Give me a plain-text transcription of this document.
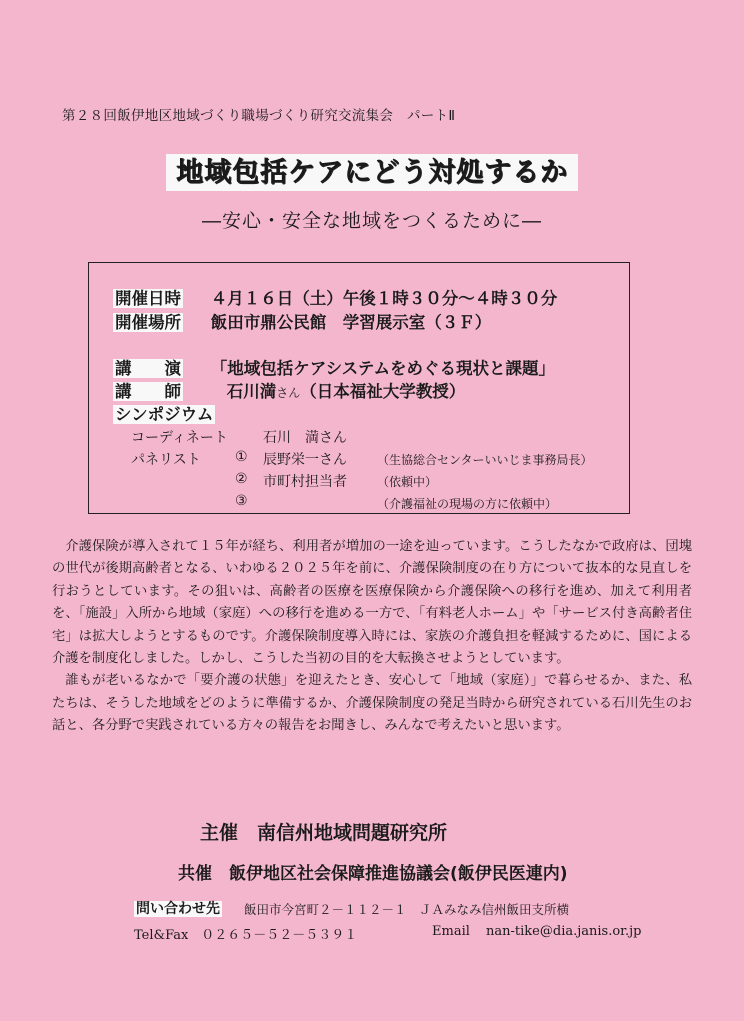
第２８回飯伊地区地域づくり職場づくり研究交流集会　パートⅡ
地域包括ケアにどう対処するか
―安心・安全な地域をつくるために―
開催日時 ４月１６日（土）午後１時３０分～４時３０分
開催場所 飯田市鼎公民館　学習展示室（３Ｆ）
講　　演 「地域包括ケアシステムをめぐる現状と課題」
講　　師	石川満さん（日本福祉大学教授）
シンポジウム
コーディネート	石川　満さん
パネリスト ① 辰野栄一さん	（生協総合センターいいじま事務局長）
② 市町村担当者	（依頼中）
③	（介護福祉の現場の方に依頼中）

介護保険が導入されて１５年が経ち、利用者が増加の一途を辿っています。こうしたなかで政府は、団塊の世代が後期高齢者となる、いわゆる２０２５年を前に、介護保険制度の在り方について抜本的な見直しを行おうとしています。その狙いは、高齢者の医療を医療保険から介護保険への移行を進め、加えて利用者を、「施設」入所から地域（家庭）への移行を進める一方で、「有料老人ホーム」や「サービス付き高齢者住宅」は拡大しようとするものです。介護保険制度導入時には、家族の介護負担を軽減するために、国による介護を制度化しました。しかし、こうした当初の目的を大転換させようとしています。

誰もが老いるなかで「要介護の状態」を迎えたとき、安心して「地域（家庭）」で暮らせるか、また、私たちは、そうした地域をどのように準備するか、介護保険制度の発足当時から研究されている石川先生のお話と、各分野で実践されている方々の報告をお聞きし、みんなで考えたいと思います。

主催　南信州地域問題研究所
共催　飯伊地区社会保障推進協議会(飯伊民医連内)
問い合わせ先 飯田市今宮町２－１１２－１　ＪＡみなみ信州飯田支所横
Tel&Fax　０２６５－５２－５３９１	Email nan-tike@dia.janis.or.jp
